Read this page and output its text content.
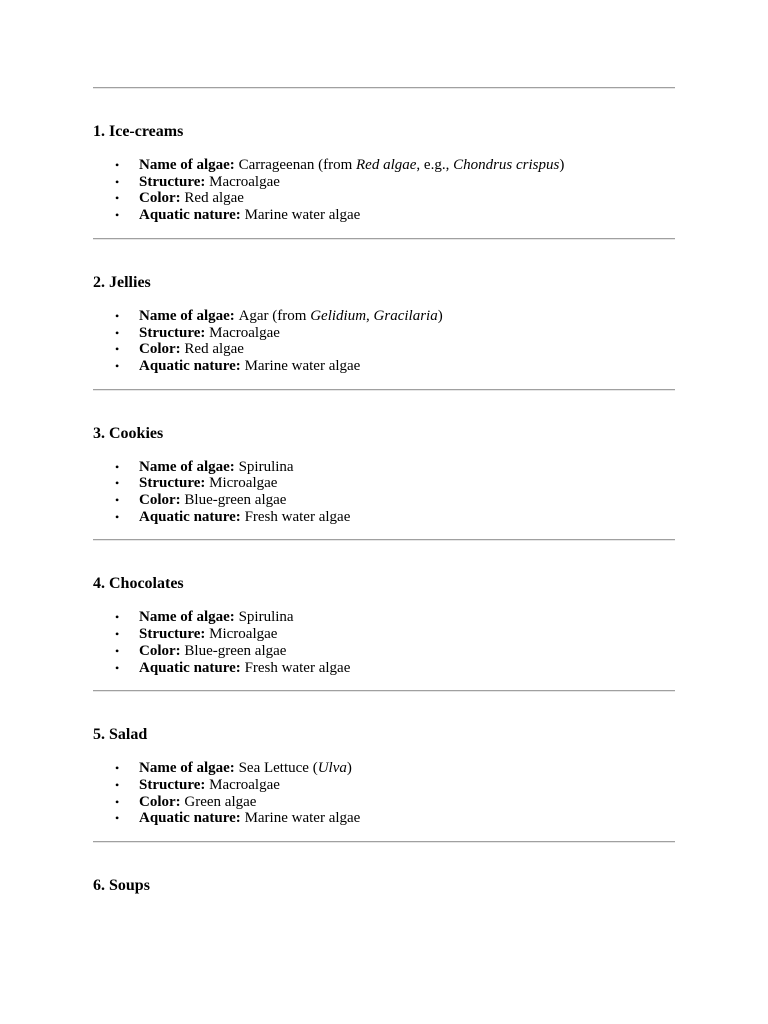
1. Ice-creams
• Name of algae: Carrageenan (from Red algae, e.g., Chondrus crispus)
• Structure: Macroalgae
• Color: Red algae
• Aquatic nature: Marine water algae
2. Jellies
• Name of algae: Agar (from Gelidium, Gracilaria)
• Structure: Macroalgae
• Color: Red algae
• Aquatic nature: Marine water algae
3. Cookies
• Name of algae: Spirulina
• Structure: Microalgae
• Color: Blue-green algae
• Aquatic nature: Fresh water algae
4. Chocolates
• Name of algae: Spirulina
• Structure: Microalgae
• Color: Blue-green algae
• Aquatic nature: Fresh water algae
5. Salad
• Name of algae: Sea Lettuce (Ulva)
• Structure: Macroalgae
• Color: Green algae
• Aquatic nature: Marine water algae
6. Soups
